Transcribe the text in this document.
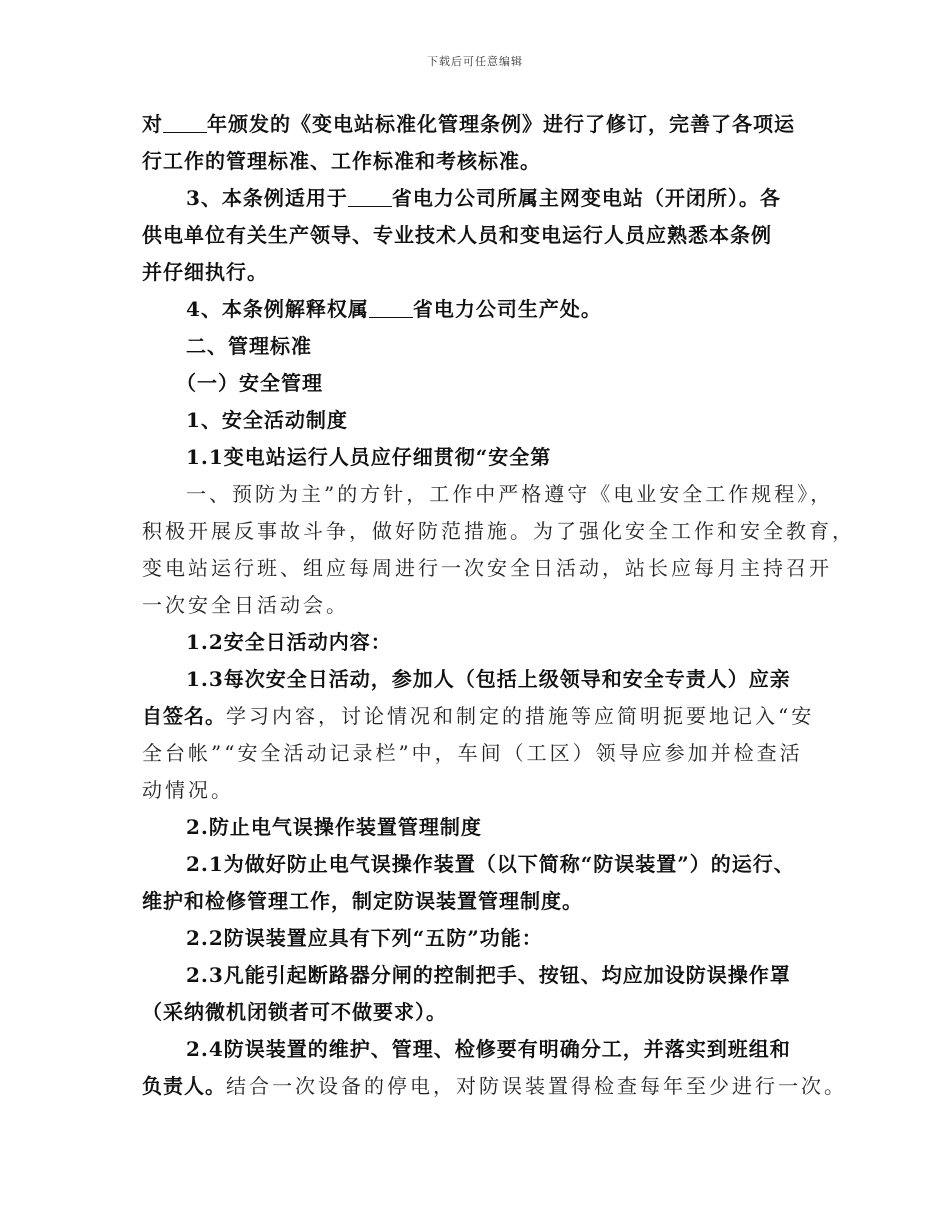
下载后可任意编辑
对 年颁发的《变电站标准化管理条例》进行了修订，完善了各项运
行工作的管理标准、工作标准和考核标准。
3、本条例适用于 省电力公司所属主网变电站（开闭所）。各
供电单位有关生产领导、专业技术人员和变电运行人员应熟悉本条例
并仔细执行。
4、本条例解释权属 省电力公司生产处。
二、管理标准
（一）安全管理
1、安全活动制度
1.1变电站运行人员应仔细贯彻“安全第
一、预防为主”的方针，工作中严格遵守《电业安全工作规程》，
积极开展反事故斗争，做好防范措施。为了强化安全工作和安全教育，
变电站运行班、组应每周进行一次安全日活动，站长应每月主持召开
一次安全日活动会。
1.2安全日活动内容：
1.3每次安全日活动，参加人（包括上级领导和安全专责人）应亲
自签名。学习内容，讨论情况和制定的措施等应简明扼要地记入“安
全台帐”“安全活动记录栏”中，车间（工区）领导应参加并检查活
动情况。
2.防止电气误操作装置管理制度
2.1为做好防止电气误操作装置（以下简称“防误装置”）的运行、
维护和检修管理工作，制定防误装置管理制度。
2.2防误装置应具有下列“五防”功能：
2.3凡能引起断路器分闸的控制把手、按钮、均应加设防误操作罩
（采纳微机闭锁者可不做要求）。
2.4防误装置的维护、管理、检修要有明确分工，并落实到班组和
负责人。结合一次设备的停电，对防误装置得检查每年至少进行一次。
